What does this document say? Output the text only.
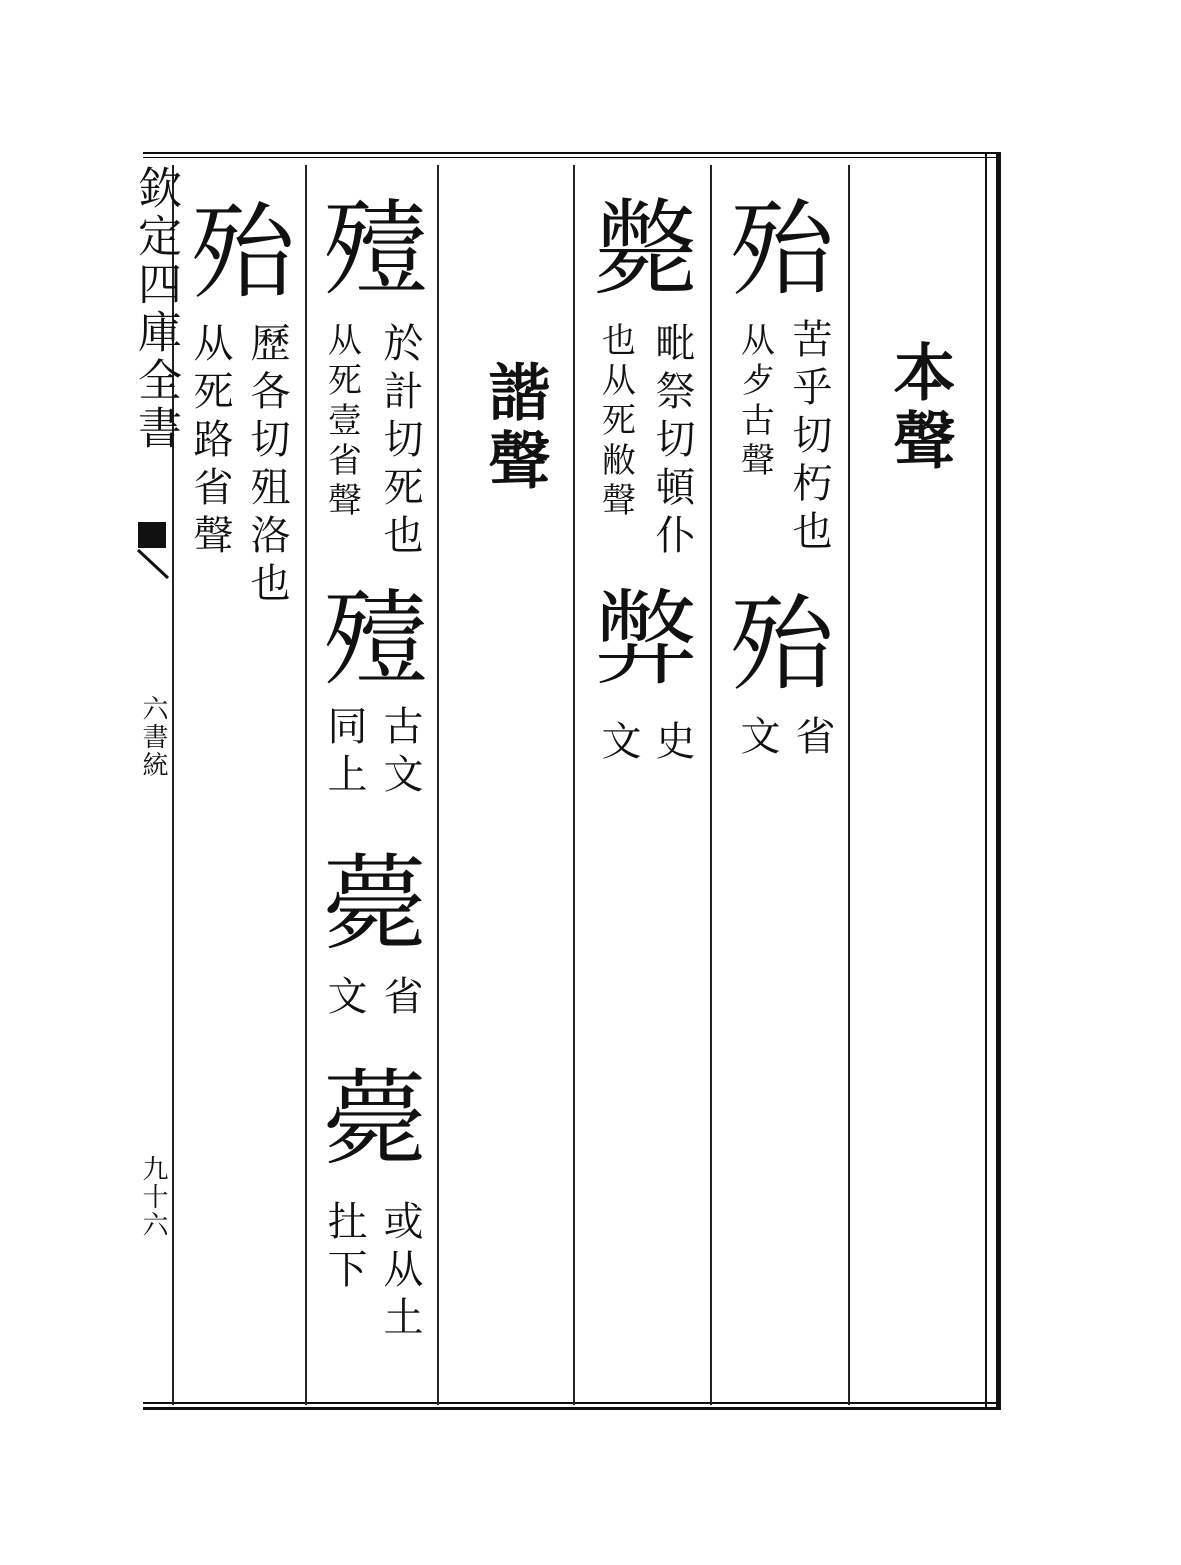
欽定四庫全書
六書統
九十六
本聲
殆
苦乎切朽也
从歺古聲
殆
省
文
斃
毗祭切頓仆
也从死敝聲
弊
史
文
諧聲
殪
於計切死也
从死壹省聲
殪
古文
同上
薨
省
文
薨
或从土
扗下
殆
歷各切殂洛也
从死路省聲
